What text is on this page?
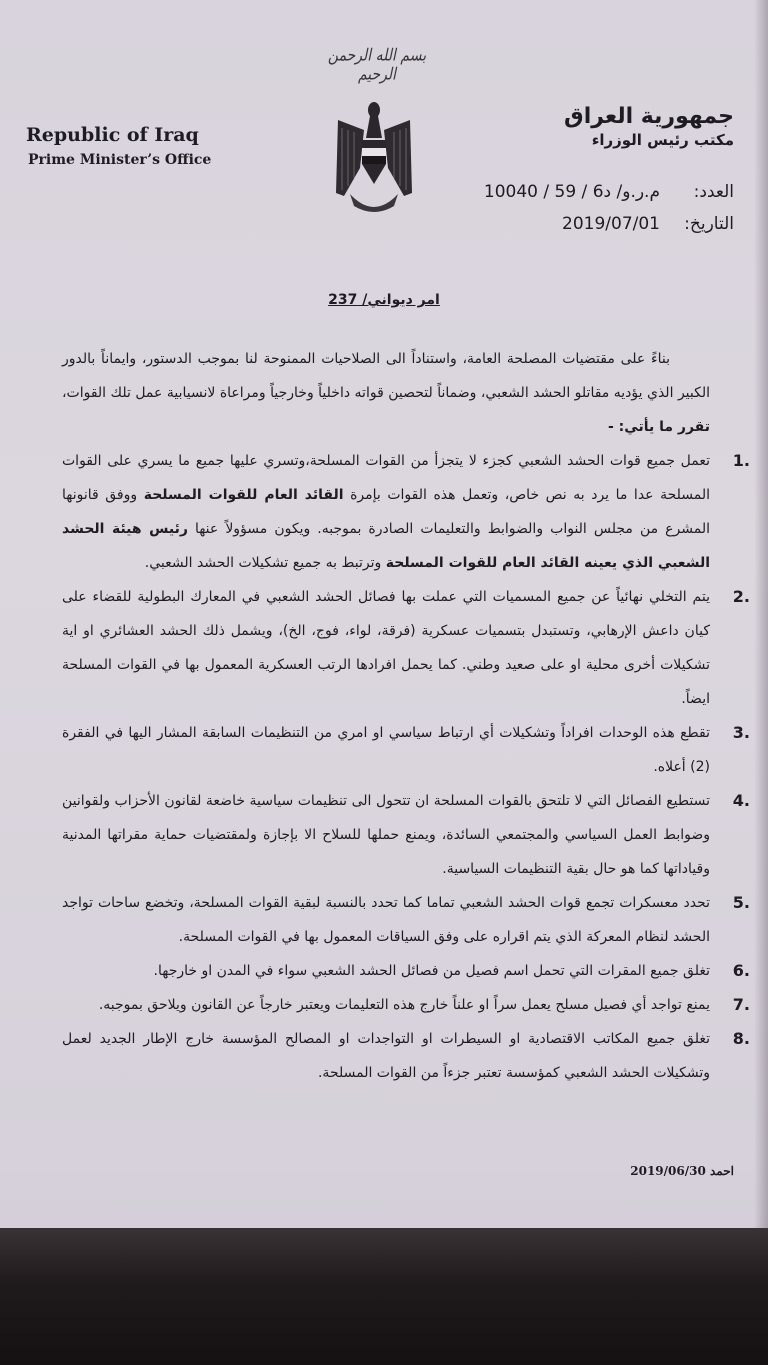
بسم الله الرحمن الرحيم
Republic of Iraq
Prime Minister’s Office
جمهورية العراق
مكتب رئيس الوزراء
العدد:م.ر.و/ د6 / 59 / 10040
التاريخ:2019/07/01
امر ديواني/ 237

بناءً على مقتضيات المصلحة العامة، واستناداً الى الصلاحيات الممنوحة لنا بموجب الدستور، وايماناً بالدور الكبير الذي يؤديه مقاتلو الحشد الشعبي، وضماناً لتحصين قواته داخلياً وخارجياً ومراعاة لانسيابية عمل تلك القوات، تقرر ما يأتي: -

1.
تعمل جميع قوات الحشد الشعبي كجزء لا يتجزأ من القوات المسلحة،وتسري عليها جميع ما يسري على القوات المسلحة عدا ما يرد به نص خاص، وتعمل هذه القوات بإمرة القائد العام للقوات المسلحة ووفق قانونها المشرع من مجلس النواب والضوابط والتعليمات الصادرة بموجبه. ويكون مسؤولاً عنها رئيس هيئة الحشد الشعبي الذي يعينه القائد العام للقوات المسلحة وترتبط به جميع تشكيلات الحشد الشعبي.

2.
يتم التخلي نهائياً عن جميع المسميات التي عملت بها فصائل الحشد الشعبي في المعارك البطولية للقضاء على كيان داعش الإرهابي، وتستبدل بتسميات عسكرية (فرقة، لواء، فوج، الخ)، ويشمل ذلك الحشد العشائري او اية تشكيلات أخرى محلية او على صعيد وطني. كما يحمل افرادها الرتب العسكرية المعمول بها في القوات المسلحة ايضاً.

3.
تقطع هذه الوحدات افراداً وتشكيلات أي ارتباط سياسي او امري من التنظيمات السابقة المشار اليها في الفقرة (2) أعلاه.

4.
تستطيع الفصائل التي لا تلتحق بالقوات المسلحة ان تتحول الى تنظيمات سياسية خاضعة لقانون الأحزاب ولقوانين وضوابط العمل السياسي والمجتمعي السائدة، ويمنع حملها للسلاح الا بإجازة ولمقتضيات حماية مقراتها المدنية وقياداتها كما هو حال بقية التنظيمات السياسية.

5.
تحدد معسكرات تجمع قوات الحشد الشعبي تماما كما تحدد بالنسبة لبقية القوات المسلحة، وتخضع ساحات تواجد الحشد لنظام المعركة الذي يتم اقراره على وفق السياقات المعمول بها في القوات المسلحة.

6.
تغلق جميع المقرات التي تحمل اسم فصيل من فصائل الحشد الشعبي سواء في المدن او خارجها.

7.
يمنع تواجد أي فصيل مسلح يعمل سراً او علناً خارج هذه التعليمات ويعتبر خارجاً عن القانون ويلاحق بموجبه.

8.
تغلق جميع المكاتب الاقتصادية او السيطرات او التواجدات او المصالح المؤسسة خارج الإطار الجديد لعمل وتشكيلات الحشد الشعبي كمؤسسة تعتبر جزءاً من القوات المسلحة.

احمد 2019/06/30
